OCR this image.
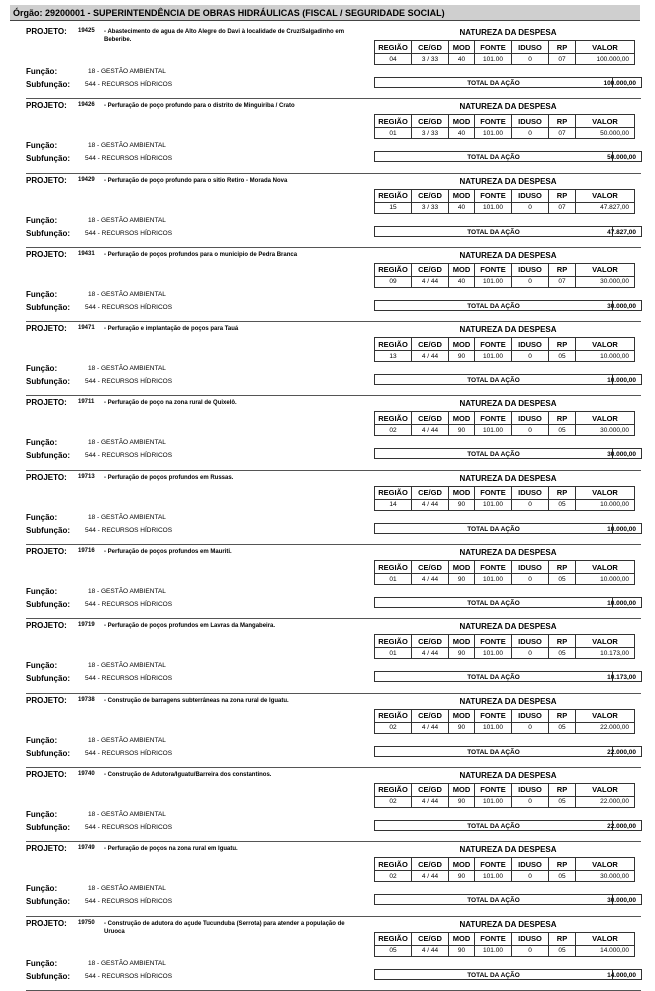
Órgão: 29200001 - SUPERINTENDÊNCIA DE OBRAS HIDRÁULICAS (FISCAL / SEGURIDADE SOCIAL)
PROJETO: 19425 - Abastecimento de agua de Alto Alegre do Davi à localidade de Cruz/Salgadinho em Beberibe.
Função:	18 - GESTÃO AMBIENTAL
Subfunção: 544 - RECURSOS HÍDRICOS
NATUREZA DA DESPESA
REGIÃO	CE/GD	MOD	FONTE	IDUSO	RP	VALOR
04	3 / 33	40	101.00	0	07	100.000,00
TOTAL DA AÇÃO	100.000,00
PROJETO: 19426 - Perfuração de poço profundo para o distrito de Minguiriba / Crato
Função:	18 - GESTÃO AMBIENTAL
Subfunção: 544 - RECURSOS HÍDRICOS
NATUREZA DA DESPESA
REGIÃO	CE/GD	MOD	FONTE	IDUSO	RP	VALOR
01	3 / 33	40	101.00	0	07	50.000,00
TOTAL DA AÇÃO	50.000,00
PROJETO: 19429 - Perfuração de poço profundo para o sitio Retiro - Morada Nova
Função:	18 - GESTÃO AMBIENTAL
Subfunção: 544 - RECURSOS HÍDRICOS
NATUREZA DA DESPESA
REGIÃO	CE/GD	MOD	FONTE	IDUSO	RP	VALOR
15	3 / 33	40	101.00	0	07	47.827,00
TOTAL DA AÇÃO	47.827,00
PROJETO: 19431 - Perfuração de poços profundos para o municipio de Pedra Branca
Função:	18 - GESTÃO AMBIENTAL
Subfunção: 544 - RECURSOS HÍDRICOS
NATUREZA DA DESPESA
REGIÃO	CE/GD	MOD	FONTE	IDUSO	RP	VALOR
09	4 / 44	40	101.00	0	07	30.000,00
TOTAL DA AÇÃO	30.000,00
PROJETO: 19471 - Perfuração e implantação de poços para Tauá
Função:	18 - GESTÃO AMBIENTAL
Subfunção: 544 - RECURSOS HÍDRICOS
NATUREZA DA DESPESA
REGIÃO	CE/GD	MOD	FONTE	IDUSO	RP	VALOR
13	4 / 44	90	101.00	0	05	10.000,00
TOTAL DA AÇÃO	10.000,00
PROJETO: 19711 - Perfuração de poço na zona rural de Quixelô.
Função:	18 - GESTÃO AMBIENTAL
Subfunção: 544 - RECURSOS HÍDRICOS
NATUREZA DA DESPESA
REGIÃO	CE/GD	MOD	FONTE	IDUSO	RP	VALOR
02	4 / 44	90	101.00	0	05	30.000,00
TOTAL DA AÇÃO	30.000,00
PROJETO: 19713 - Perfuração de poços profundos em Russas.
Função:	18 - GESTÃO AMBIENTAL
Subfunção: 544 - RECURSOS HÍDRICOS
NATUREZA DA DESPESA
REGIÃO	CE/GD	MOD	FONTE	IDUSO	RP	VALOR
14	4 / 44	90	101.00	0	05	10.000,00
TOTAL DA AÇÃO	10.000,00
PROJETO: 19716 - Perfuração de poços profundos em Mauriti.
Função:	18 - GESTÃO AMBIENTAL
Subfunção: 544 - RECURSOS HÍDRICOS
NATUREZA DA DESPESA
REGIÃO	CE/GD	MOD	FONTE	IDUSO	RP	VALOR
01	4 / 44	90	101.00	0	05	10.000,00
TOTAL DA AÇÃO	10.000,00
PROJETO: 19719 - Perfuração de poços profundos em Lavras da Mangabeira.
Função:	18 - GESTÃO AMBIENTAL
Subfunção: 544 - RECURSOS HÍDRICOS
NATUREZA DA DESPESA
REGIÃO	CE/GD	MOD	FONTE	IDUSO	RP	VALOR
01	4 / 44	90	101.00	0	05	10.173,00
TOTAL DA AÇÃO	10.173,00
PROJETO: 19738 - Construção de barragens subterrâneas na zona rural de Iguatu.
Função:	18 - GESTÃO AMBIENTAL
Subfunção: 544 - RECURSOS HÍDRICOS
NATUREZA DA DESPESA
REGIÃO	CE/GD	MOD	FONTE	IDUSO	RP	VALOR
02	4 / 44	90	101.00	0	05	22.000,00
TOTAL DA AÇÃO	22.000,00
PROJETO: 19740 - Construção de Adutora/Iguatu/Barreira dos constantinos.
Função:	18 - GESTÃO AMBIENTAL
Subfunção: 544 - RECURSOS HÍDRICOS
NATUREZA DA DESPESA
REGIÃO	CE/GD	MOD	FONTE	IDUSO	RP	VALOR
02	4 / 44	90	101.00	0	05	22.000,00
TOTAL DA AÇÃO	22.000,00
PROJETO: 19749 - Perfuração de poços na zona rural em Iguatu.
Função:	18 - GESTÃO AMBIENTAL
Subfunção: 544 - RECURSOS HÍDRICOS
NATUREZA DA DESPESA
REGIÃO	CE/GD	MOD	FONTE	IDUSO	RP	VALOR
02	4 / 44	90	101.00	0	05	30.000,00
TOTAL DA AÇÃO	30.000,00
PROJETO: 19750 - Construção de adutora do açude Tucunduba (Serrota) para atender a população de Uruoca
Função:	18 - GESTÃO AMBIENTAL
Subfunção: 544 - RECURSOS HÍDRICOS
NATUREZA DA DESPESA
REGIÃO	CE/GD	MOD	FONTE	IDUSO	RP	VALOR
05	4 / 44	90	101.00	0	05	14.000,00
TOTAL DA AÇÃO	14.000,00
